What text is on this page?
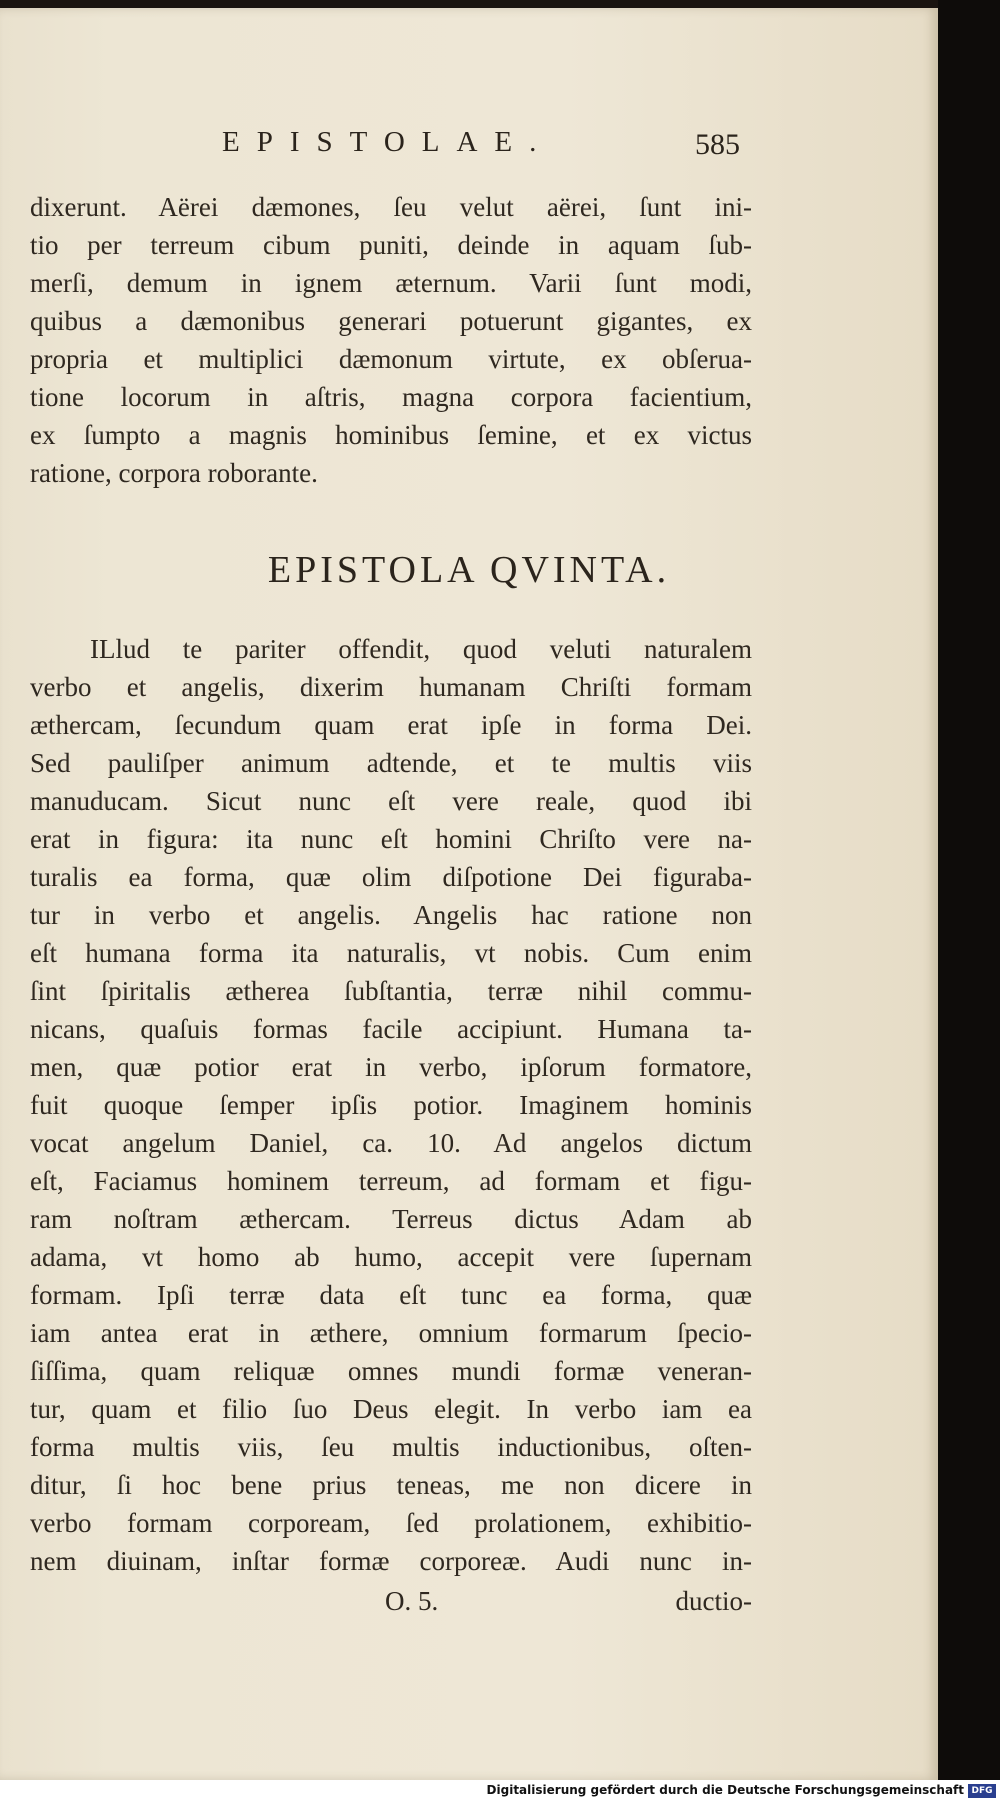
EPISTOLAE.	585
dixerunt. Aërei dæmones, ſeu velut aërei, ſunt ini-
tio per terreum cibum puniti, deinde in aquam ſub-
merſi, demum in ignem æternum. Varii ſunt modi,
quibus a dæmonibus generari potuerunt gigantes, ex
propria et multiplici dæmonum virtute, ex obſerua-
tione locorum in aſtris, magna corpora facientium,
ex ſumpto a magnis hominibus ſemine, et ex victus
ratione, corpora roborante.
EPISTOLA QVINTA.
ILlud te pariter offendit, quod veluti naturalem
verbo et angelis, dixerim humanam Chriſti formam
æthercam, ſecundum quam erat ipſe in forma Dei.
Sed pauliſper animum adtende, et te multis viis
manuducam. Sicut nunc eſt vere reale, quod ibi
erat in figura: ita nunc eſt homini Chriſto vere na-
turalis ea forma, quæ olim diſpotione Dei figuraba-
tur in verbo et angelis. Angelis hac ratione non
eſt humana forma ita naturalis, vt nobis. Cum enim
ſint ſpiritalis ætherea ſubſtantia, terræ nihil commu-
nicans, quaſuis formas facile accipiunt. Humana ta-
men, quæ potior erat in verbo, ipſorum formatore,
fuit quoque ſemper ipſis potior. Imaginem hominis
vocat angelum Daniel, ca. 10. Ad angelos dictum
eſt, Faciamus hominem terreum, ad formam et figu-
ram noſtram æthercam. Terreus dictus Adam ab
adama, vt homo ab humo, accepit vere ſupernam
formam. Ipſi terræ data eſt tunc ea forma, quæ
iam antea erat in æthere, omnium formarum ſpecio-
ſiſſima, quam reliquæ omnes mundi formæ veneran-
tur, quam et filio ſuo Deus elegit. In verbo iam ea
forma multis viis, ſeu multis inductionibus, oſten-
ditur, ſi hoc bene prius teneas, me non dicere in
verbo formam corpoream, ſed prolationem, exhibitio-
nem diuinam, inſtar formæ corporeæ. Audi nunc in-
O. 5.	ductio-
Digitalisierung gefördert durch die Deutsche Forschungsgemeinschaft DFG
